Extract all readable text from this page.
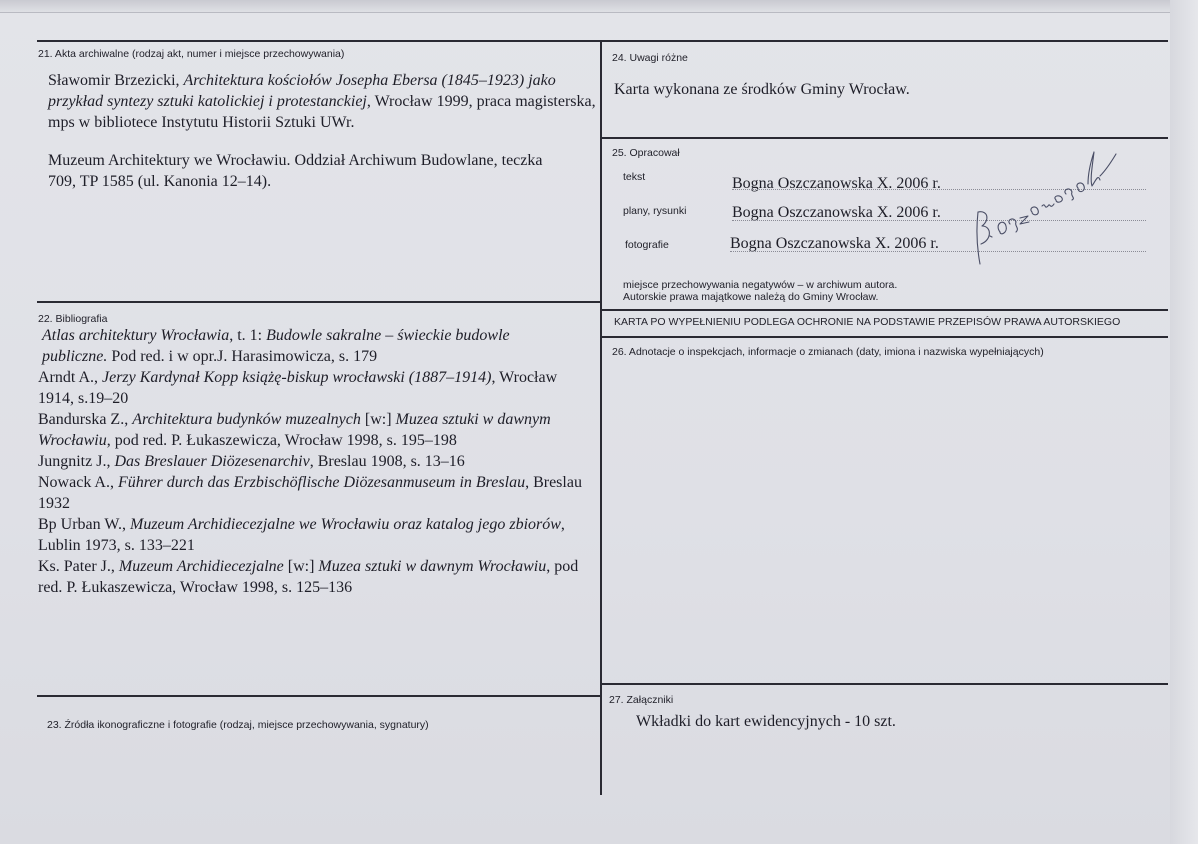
21. Akta archiwalne (rodzaj akt, numer i miejsce przechowywania)
Sławomir Brzezicki, Architektura kościołów Josepha Ebersa (1845–1923) jako przykład syntezy sztuki katolickiej i protestanckiej, Wrocław 1999, praca magisterska, mps w bibliotece Instytutu Historii Sztuki UWr.
Muzeum Architektury we Wrocławiu. Oddział Archiwum Budowlane, teczka 709, TP 1585 (ul. Kanonia 12–14).
22. Bibliografia
Atlas architektury Wrocławia, t. 1: Budowle sakralne – świeckie budowle publiczne. Pod red. i w opr.J. Harasimowicza, s. 179
Arndt A., Jerzy Kardynał Kopp książę-biskup wrocławski (1887–1914), Wrocław 1914, s.19–20
Bandurska Z., Architektura budynków muzealnych [w:] Muzea sztuki w dawnym Wrocławiu, pod red. P. Łukaszewicza, Wrocław 1998, s. 195–198
Jungnitz J., Das Breslauer Diözesenarchiv, Breslau 1908, s. 13–16
Nowack A., Führer durch das Erzbischöflische Diözesanmuseum in Breslau, Breslau 1932
Bp Urban W., Muzeum Archidiecezjalne we Wrocławiu oraz katalog jego zbiorów, Lublin 1973, s. 133–221
Ks. Pater J., Muzeum Archidiecezjalne [w:] Muzea sztuki w dawnym Wrocławiu, pod red. P. Łukaszewicza, Wrocław 1998, s. 125–136
23. Źródła ikonograficzne i fotografie (rodzaj, miejsce przechowywania, sygnatury)
24. Uwagi różne
Karta wykonana ze środków Gminy Wrocław.
25. Opracował
tekst	Bogna Oszczanowska X. 2006 r.
plany, rysunki	Bogna Oszczanowska X. 2006 r.
fotografie	Bogna Oszczanowska X. 2006 r.
miejsce przechowywania negatywów – w archiwum autora.
Autorskie prawa majątkowe należą do Gminy Wrocław.
KARTA PO WYPEŁNIENIU PODLEGA OCHRONIE NA PODSTAWIE PRZEPISÓW PRAWA AUTORSKIEGO
26. Adnotacje o inspekcjach, informacje o zmianach (daty, imiona i nazwiska wypełniających)
27. Załączniki
Wkładki do kart ewidencyjnych - 10 szt.
